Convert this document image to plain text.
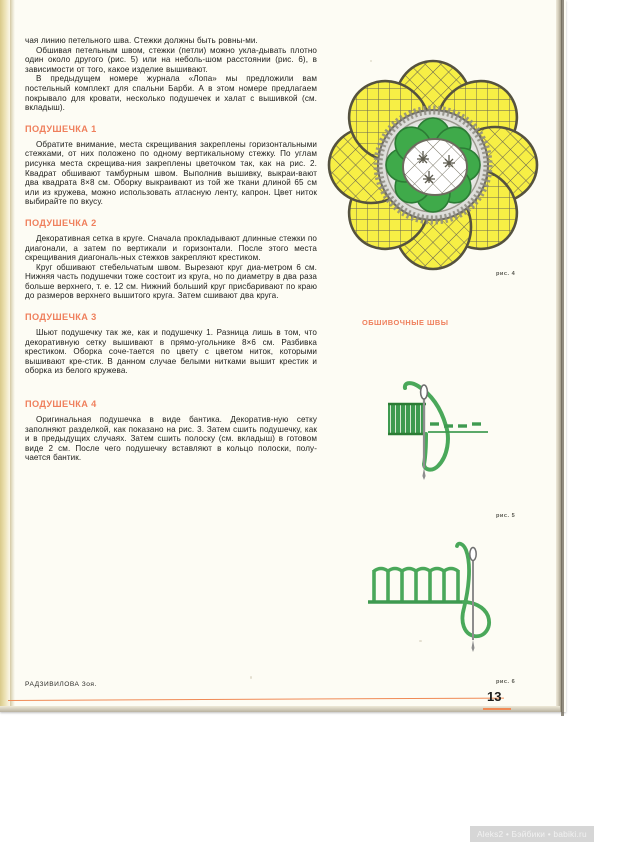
чая линию петельного шва. Стежки должны быть ровны-ми.

Обшивая петельным швом, стежки (петли) можно укла-дывать плотно один около другого (рис. 5) или на неболь-шом расстоянии (рис. 6), в зависимости от того, какое изделие вышивают.

В предыдущем номере журнала «Лопа» мы предложили вам постельный комплект для спальни Барби. А в этом номере предлагаем покрывало для кровати, несколько подушечек и халат с вышивкой (см. вкладыш).

ПОДУШЕЧКА 1

Обратите внимание, места скрещивания закреплены горизонтальными стежками, от них положено по одному вертикальному стежку. По углам рисунка места скрещива-ния закреплены цветочком так, как на рис. 2. Квадрат обшивают тамбурным швом. Выполнив вышивку, выкраи-вают два квадрата 8×8 см. Оборку выкраивают из той же ткани длиной 65 см или из кружева, можно использовать атласную ленту, капрон. Цвет ниток выбирайте по вкусу.

ПОДУШЕЧКА 2

Декоративная сетка в круге. Сначала прокладывают длинные стежки по диагонали, а затем по вертикали и горизонтали. После этого места скрещивания диагональ-ных стежков закрепляют крестиком.

Круг обшивают стебельчатым швом. Вырезают круг диа-метром 6 см. Нижняя часть подушечки тоже состоит из круга, но по диаметру в два раза больше верхнего, т. е. 12 см. Нижний больший круг присбаривают по краю до размеров верхнего вышитого круга. Затем сшивают два круга.

ПОДУШЕЧКА 3

Шьют подушечку так же, как и подушечку 1. Разница лишь в том, что декоративную сетку вышивают в прямо-угольнике 8×6 см. Разбивка крестиком. Оборка соче-тается по цвету с цветом ниток, которыми вышивают кре-стик. В данном случае белыми нитками вышит крестик и оборка из белого кружева.

ПОДУШЕЧКА 4

Оригинальная подушечка в виде бантика. Декоратив-ную сетку заполняют разделкой, как показано на рис. 3. Затем сшить подушечку, как и в предыдущих случаях. Затем сшить полоску (см. вкладыш) в готовом виде 2 см. После чего подушечку вставляют в кольцо полоски, полу-чается бантик.

рис. 4
ОБШИВОЧНЫЕ ШВЫ
рис. 5
рис. 6
РАДЗИВИЛОВА Зоя.
13
Aleks2 • Бэйбики • babiki.ru
